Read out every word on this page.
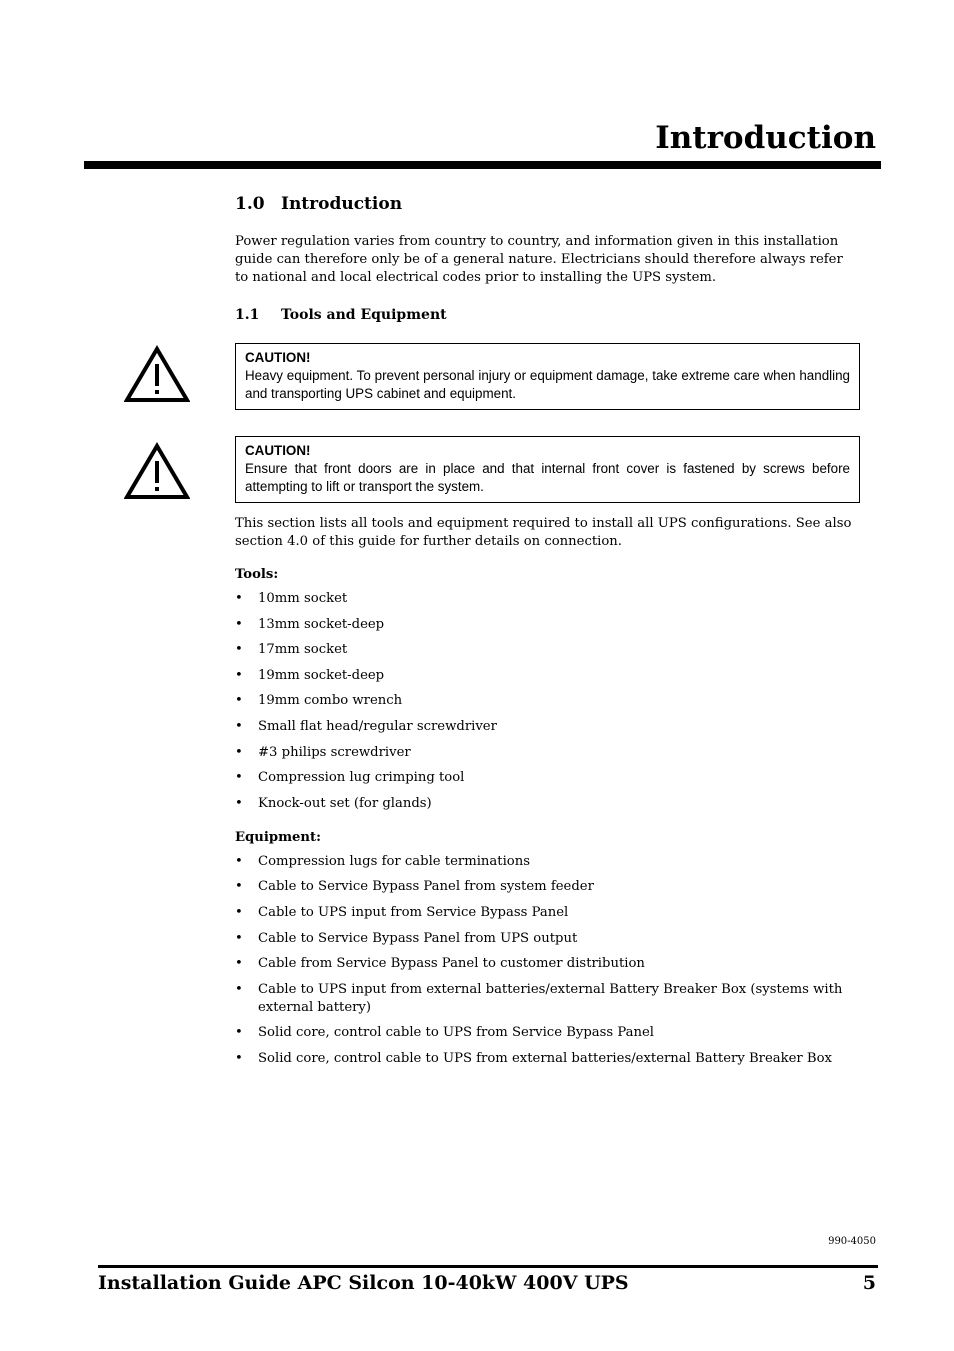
Introduction
1.0 Introduction

Power regulation varies from country to country, and information given in this installation guide can therefore only be of a general nature. Electricians should therefore always refer to national and local electrical codes prior to installing the UPS system.

1.1	Tools and Equipment
CAUTION!
Heavy equipment. To prevent personal injury or equipment damage, take extreme care when handling and transporting UPS cabinet and equipment.
CAUTION!
Ensure that front doors are in place and that internal front cover is fastened by screws before attempting to lift or transport the system.

This section lists all tools and equipment required to install all UPS configurations. See also section 4.0 of this guide for further details on connection.

Tools:

• 10mm socket
• 13mm socket-deep
• 17mm socket
• 19mm socket-deep
• 19mm combo wrench
• Small flat head/regular screwdriver
• #3 philips screwdriver
• Compression lug crimping tool
• Knock-out set (for glands)

Equipment:

• Compression lugs for cable terminations
• Cable to Service Bypass Panel from system feeder
• Cable to UPS input from Service Bypass Panel
• Cable to Service Bypass Panel from UPS output
• Cable from Service Bypass Panel to customer distribution
• Cable to UPS input from external batteries/external Battery Breaker Box (systems with external battery)
• Solid core, control cable to UPS from Service Bypass Panel
• Solid core, control cable to UPS from external batteries/external Battery Breaker Box
990-4050
Installation Guide APC Silcon 10-40kW 400V UPS	5
